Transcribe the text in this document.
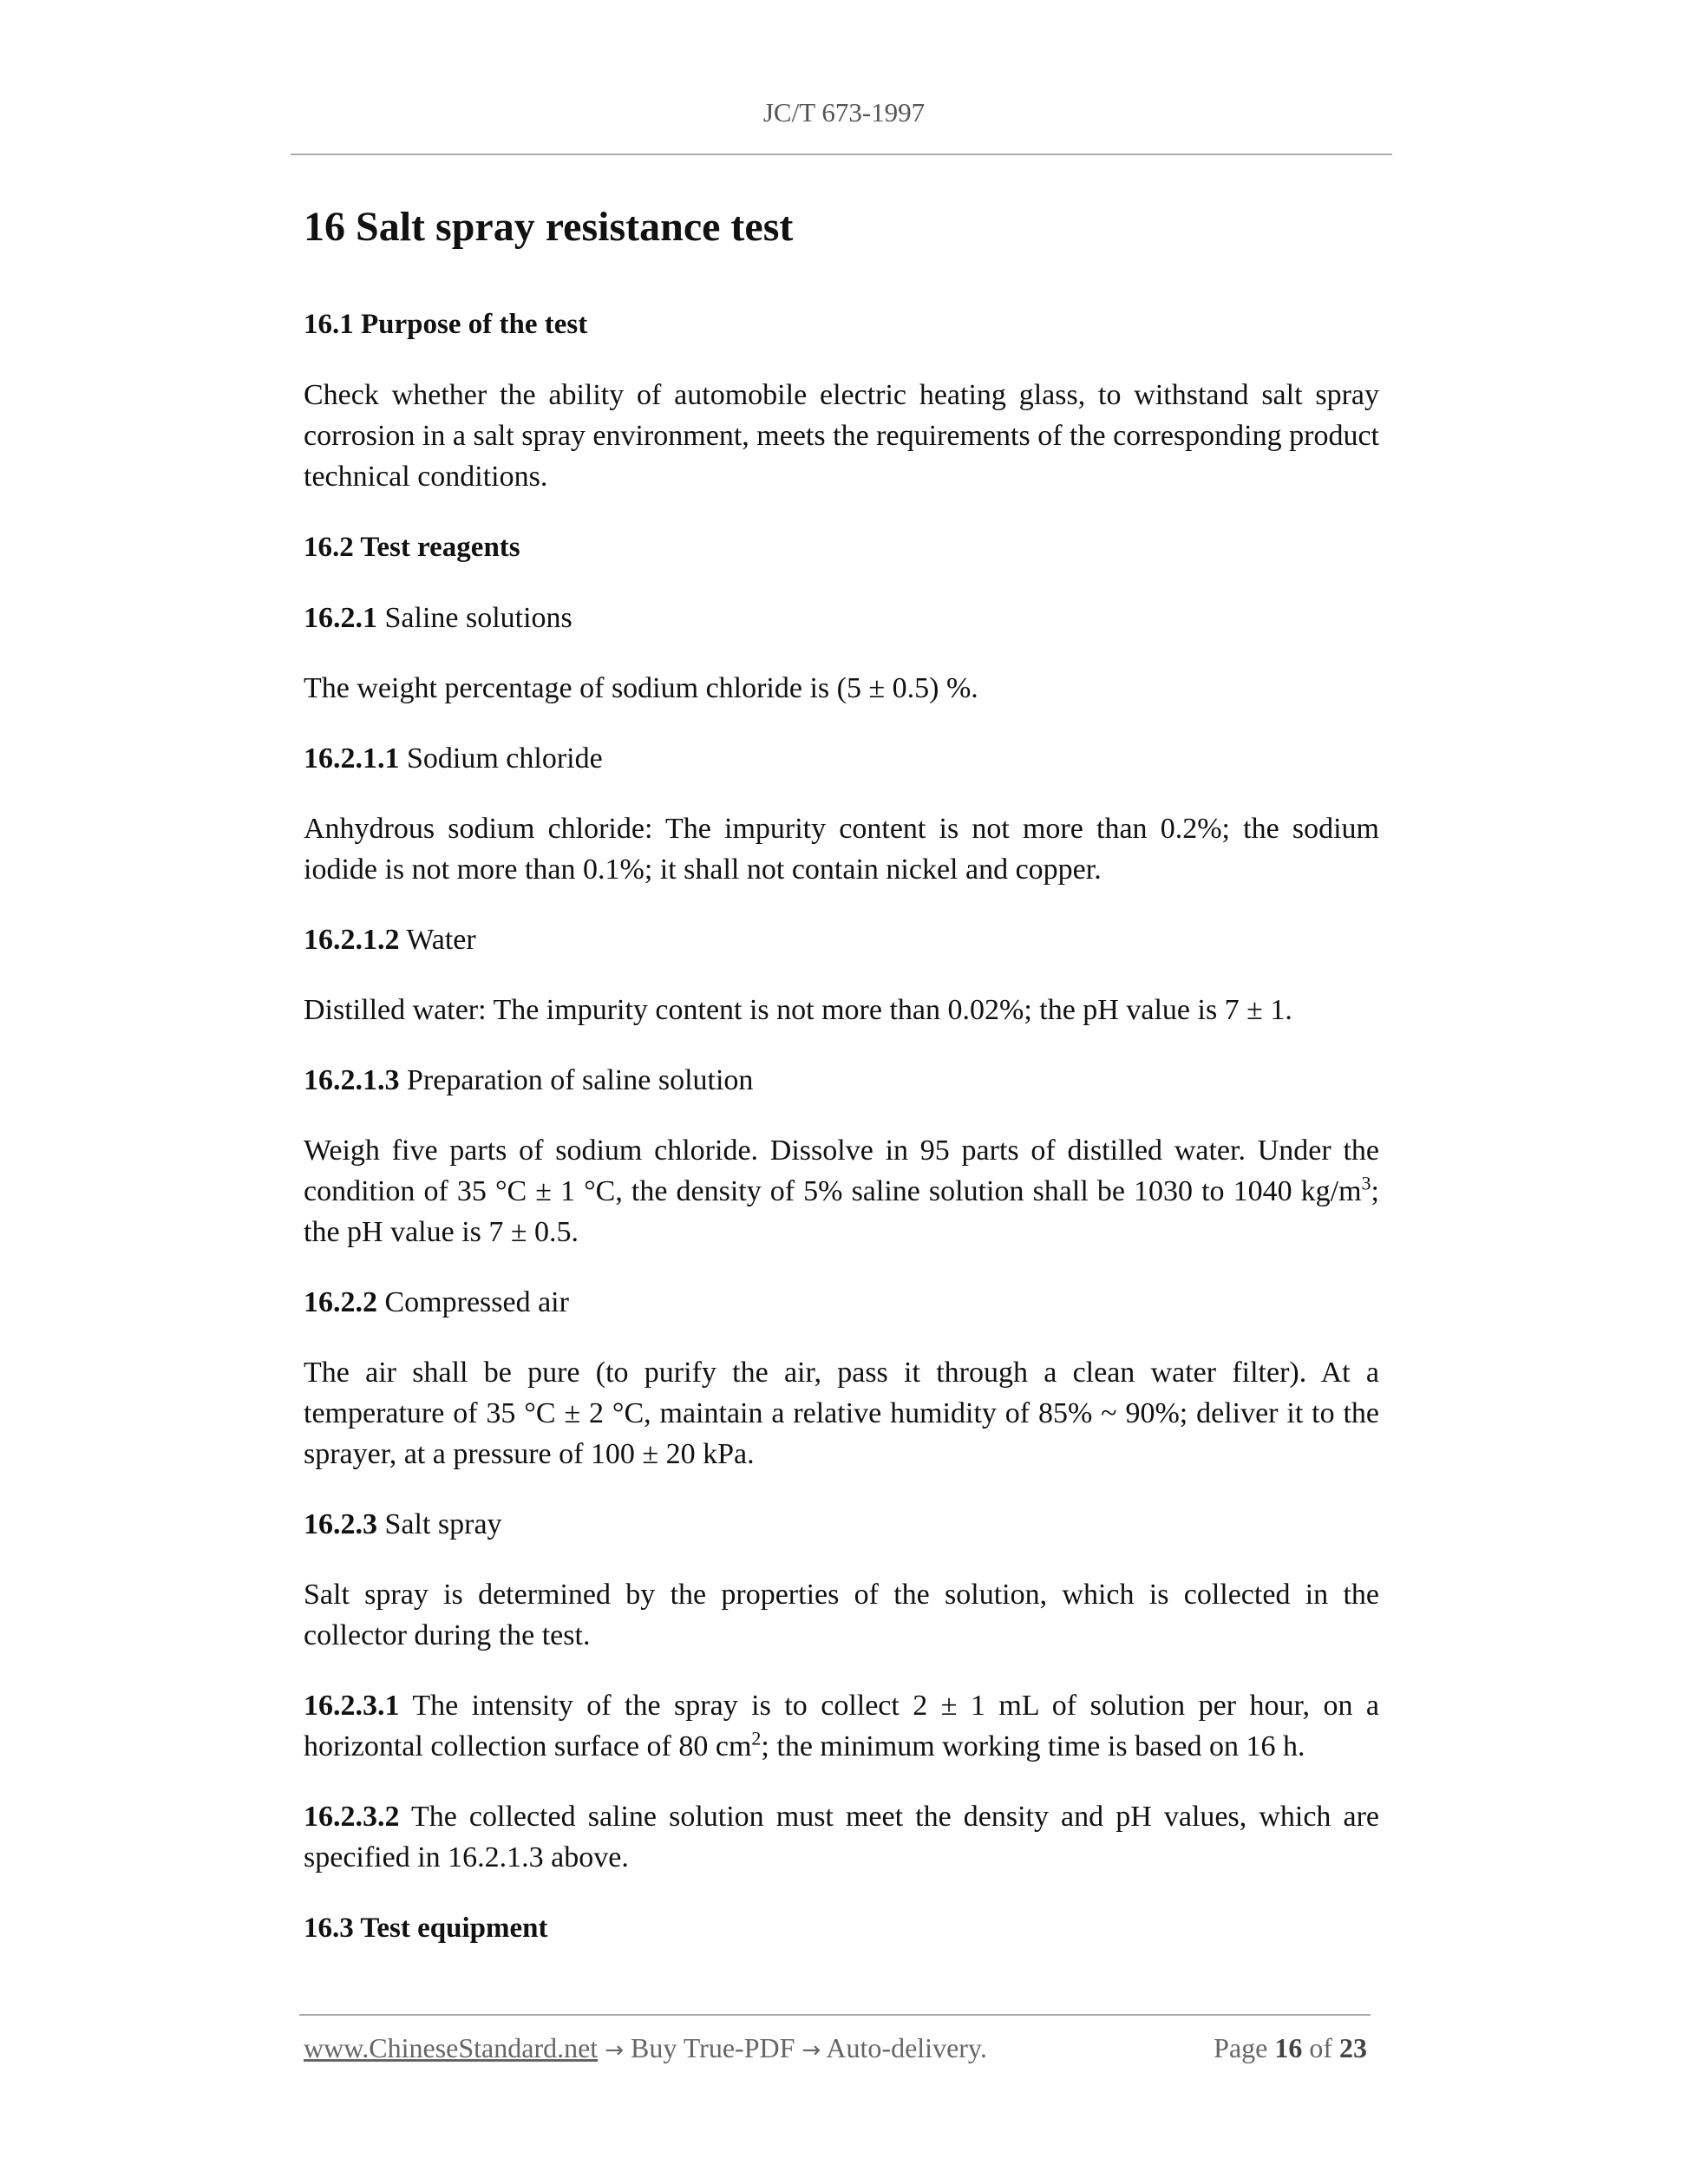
JC/T 673-1997
16 Salt spray resistance test
16.1 Purpose of the test
Check whether the ability of automobile electric heating glass, to withstand salt spray corrosion in a salt spray environment, meets the requirements of the corresponding product technical conditions.
16.2 Test reagents
16.2.1 Saline solutions
The weight percentage of sodium chloride is (5 ± 0.5) %.
16.2.1.1 Sodium chloride
Anhydrous sodium chloride: The impurity content is not more than 0.2%; the sodium iodide is not more than 0.1%; it shall not contain nickel and copper.
16.2.1.2 Water
Distilled water: The impurity content is not more than 0.02%; the pH value is 7 ± 1.
16.2.1.3 Preparation of saline solution
Weigh five parts of sodium chloride. Dissolve in 95 parts of distilled water. Under the condition of 35 °C ± 1 °C, the density of 5% saline solution shall be 1030 to 1040 $kg/m^3$; the pH value is 7 ± 0.5.
16.2.2 Compressed air
The air shall be pure (to purify the air, pass it through a clean water filter). At a temperature of 35 °C ± 2 °C, maintain a relative humidity of 85% ~ 90%; deliver it to the sprayer, at a pressure of 100 ± 20 kPa.
16.2.3 Salt spray
Salt spray is determined by the properties of the solution, which is collected in the collector during the test.
16.2.3.1 The intensity of the spray is to collect 2 ± 1 mL of solution per hour, on a horizontal collection surface of 80 $cm^2$; the minimum working time is based on 16 h.
16.2.3.2 The collected saline solution must meet the density and pH values, which are specified in 16.2.1.3 above.
16.3 Test equipment
www.ChineseStandard.net → Buy True-PDF → Auto-delivery.	Page 16 of 23
